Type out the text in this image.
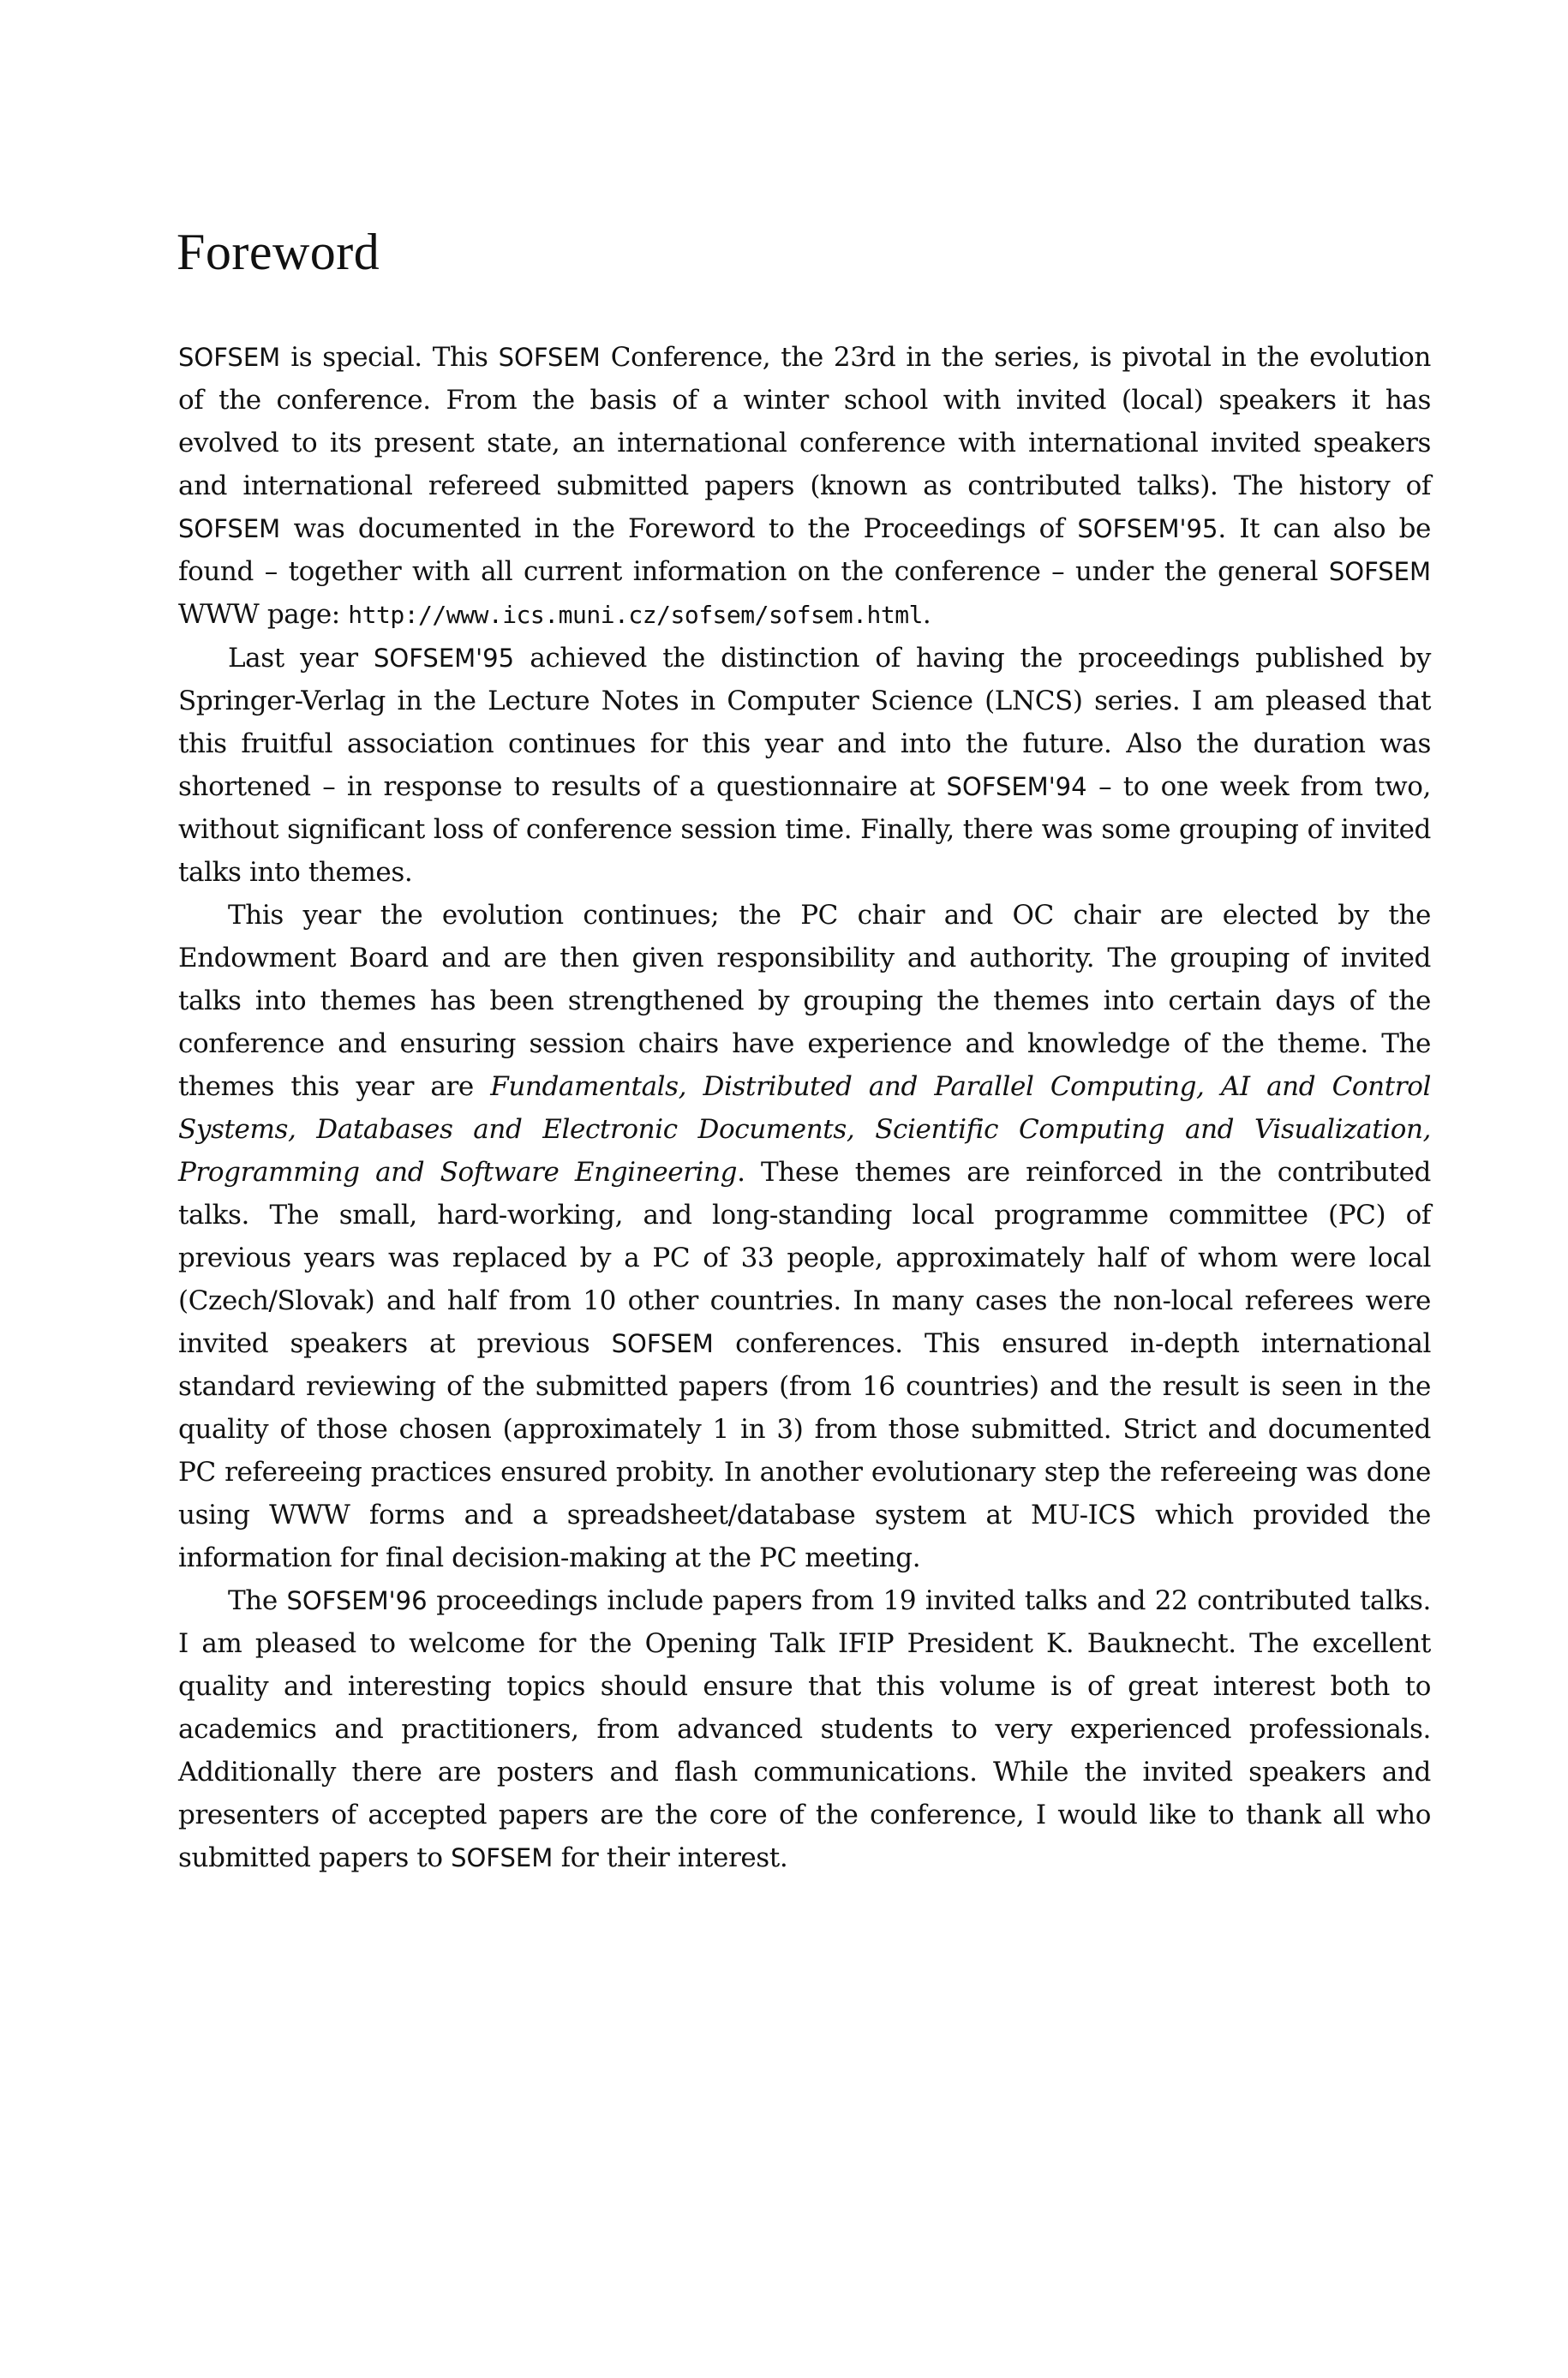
Foreword

SOFSEM is special. This SOFSEM Conference, the 23rd in the series, is pivotal in the evolution of the conference. From the basis of a winter school with invited (local) speakers it has evolved to its present state, an international conference with international invited speakers and international refereed submitted papers (known as contributed talks). The history of SOFSEM was documented in the Foreword to the Proceedings of SOFSEM'95. It can also be found – together with all current information on the conference – under the general SOFSEM WWW page: http://www.ics.muni.cz/sofsem/sofsem.html.

Last year SOFSEM'95 achieved the distinction of having the proceedings published by Springer-Verlag in the Lecture Notes in Computer Science (LNCS) series. I am pleased that this fruitful association continues for this year and into the future. Also the duration was shortened – in response to results of a questionnaire at SOFSEM'94 – to one week from two, without significant loss of conference session time. Finally, there was some grouping of invited talks into themes.

This year the evolution continues; the PC chair and OC chair are elected by the Endowment Board and are then given responsibility and authority. The grouping of invited talks into themes has been strengthened by grouping the themes into certain days of the conference and ensuring session chairs have experience and knowledge of the theme. The themes this year are Fundamentals, Distributed and Parallel Computing, AI and Control Systems, Databases and Electronic Documents, Scientific Computing and Visualization, Programming and Software Engineering. These themes are reinforced in the contributed talks. The small, hard-working, and long-standing local programme committee (PC) of previous years was replaced by a PC of 33 people, approximately half of whom were local (Czech/Slovak) and half from 10 other countries. In many cases the non-local referees were invited speakers at previous SOFSEM conferences. This ensured in-depth international standard reviewing of the submitted papers (from 16 countries) and the result is seen in the quality of those chosen (approximately 1 in 3) from those submitted. Strict and documented PC refereeing practices ensured probity. In another evolutionary step the refereeing was done using WWW forms and a spreadsheet/database system at MU-ICS which provided the information for final decision-making at the PC meeting.

The SOFSEM'96 proceedings include papers from 19 invited talks and 22 contributed talks. I am pleased to welcome for the Opening Talk IFIP President K. Bauknecht. The excellent quality and interesting topics should ensure that this volume is of great interest both to academics and practitioners, from advanced students to very experienced professionals. Additionally there are posters and flash communications. While the invited speakers and presenters of accepted papers are the core of the conference, I would like to thank all who submitted papers to SOFSEM for their interest.
